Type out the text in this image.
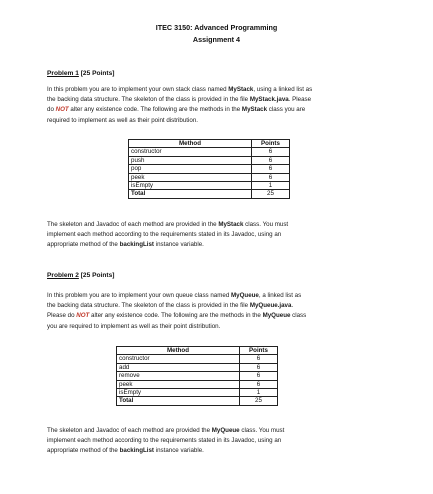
ITEC 3150: Advanced Programming
Assignment 4
Problem 1 [25 Points]
In this problem you are to implement your own stack class named MyStack, using a linked list as
the backing data structure. The skeleton of the class is provided in the file MyStack.java. Please
do NOT alter any existence code. The following are the methods in the MyStack class you are
required to implement as well as their point distribution.
Method	Points
constructor	6
push	6
pop	6
peek	6
isEmpty	1
Total	25
The skeleton and Javadoc of each method are provided in the MyStack class. You must
implement each method according to the requirements stated in its Javadoc, using an
appropriate method of the backingList instance variable.
Problem 2 [25 Points]
In this problem you are to implement your own queue class named MyQueue, a linked list as
the backing data structure. The skeleton of the class is provided in the file MyQueue.java.
Please do NOT alter any existence code. The following are the methods in the MyQueue class
you are required to implement as well as their point distribution.
Method	Points
constructor	6
add	6
remove	6
peek	6
isEmpty	1
Total	25
The skeleton and Javadoc of each method are provided the MyQueue class. You must
implement each method according to the requirements stated in its Javadoc, using an
appropriate method of the backingList instance variable.
